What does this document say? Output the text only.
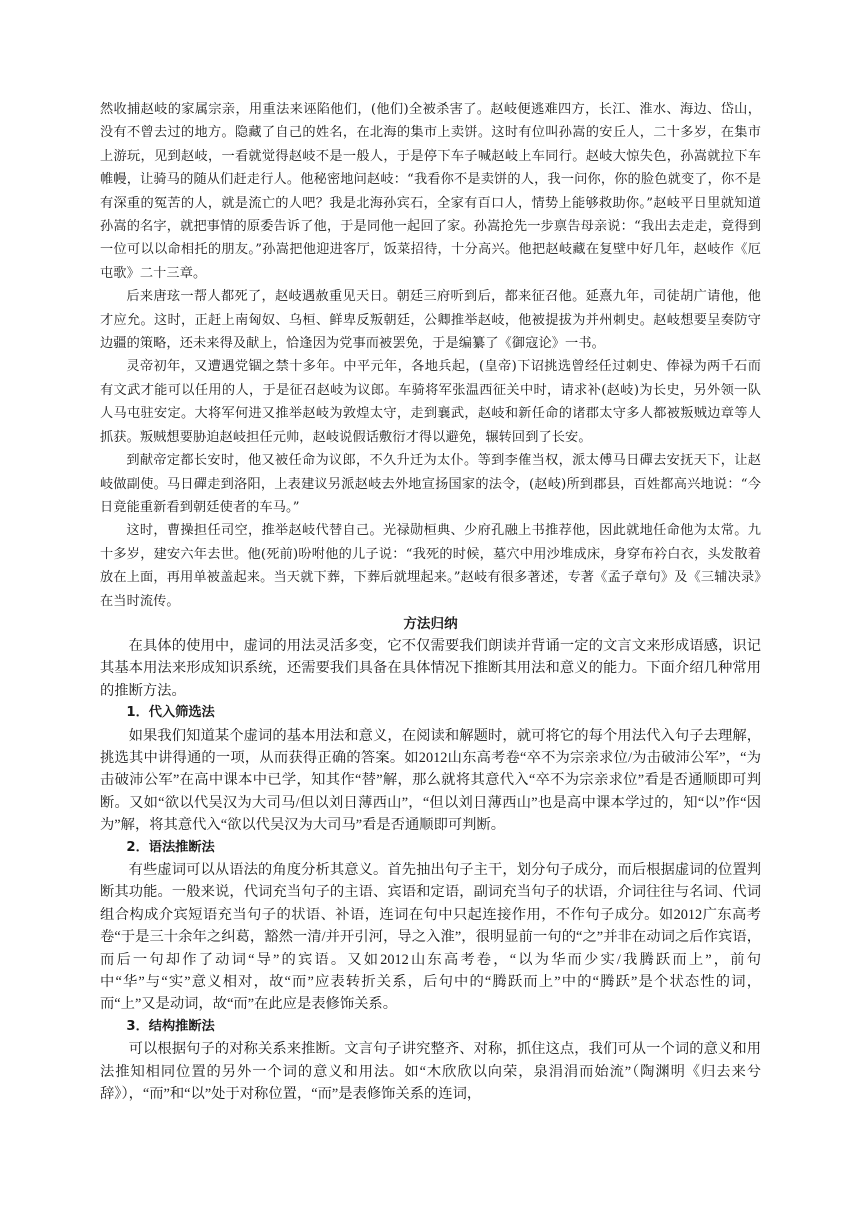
然收捕赵岐的家属宗亲，用重法来诬陷他们，(他们)全被杀害了。赵岐便逃难四方，长江、淮水、海边、岱山，没有不曾去过的地方。隐藏了自己的姓名，在北海的集市上卖饼。这时有位叫孙嵩的安丘人，二十多岁，在集市上游玩，见到赵岐，一看就觉得赵岐不是一般人，于是停下车子喊赵岐上车同行。赵岐大惊失色，孙嵩就拉下车帷幔，让骑马的随从们赶走行人。他秘密地问赵岐：“我看你不是卖饼的人，我一问你，你的脸色就变了，你不是有深重的冤苦的人，就是流亡的人吧？我是北海孙宾石，全家有百口人，情势上能够救助你。”赵岐平日里就知道孙嵩的名字，就把事情的原委告诉了他，于是同他一起回了家。孙嵩抢先一步禀告母亲说：“我出去走走，竟得到一位可以以命相托的朋友。”孙嵩把他迎进客厅，饭菜招待，十分高兴。他把赵岐藏在复壁中好几年，赵岐作《厄屯歌》二十三章。

后来唐玹一帮人都死了，赵岐遇赦重见天日。朝廷三府听到后，都来征召他。延熹九年，司徒胡广请他，他才应允。这时，正赶上南匈奴、乌桓、鲜卑反叛朝廷，公卿推举赵岐，他被提拔为并州刺史。赵岐想要呈奏防守边疆的策略，还未来得及献上，恰逢因为党事而被罢免，于是编纂了《御寇论》一书。

灵帝初年，又遭遇党锢之禁十多年。中平元年，各地兵起，(皇帝)下诏挑选曾经任过刺史、俸禄为两千石而有文武才能可以任用的人，于是征召赵岐为议郎。车骑将军张温西征关中时，请求补(赵岐)为长史，另外领一队人马屯驻安定。大将军何进又推举赵岐为敦煌太守，走到襄武，赵岐和新任命的诸郡太守多人都被叛贼边章等人抓获。叛贼想要胁迫赵岐担任元帅，赵岐说假话敷衍才得以避免，辗转回到了长安。

到献帝定都长安时，他又被任命为议郎，不久升迁为太仆。等到李傕当权，派太傅马日磾去安抚天下，让赵岐做副使。马日磾走到洛阳，上表建议另派赵岐去外地宣扬国家的法令，(赵岐)所到郡县，百姓都高兴地说：“今日竟能重新看到朝廷使者的车马。”

这时，曹操担任司空，推举赵岐代替自己。光禄勋桓典、少府孔融上书推荐他，因此就地任命他为太常。九十多岁，建安六年去世。他(死前)吩咐他的儿子说：“我死的时候，墓穴中用沙堆成床，身穿布衿白衣，头发散着放在上面，再用单被盖起来。当天就下葬，下葬后就埋起来。”赵岐有很多著述，专著《孟子章句》及《三辅决录》在当时流传。

方法归纳

在具体的使用中，虚词的用法灵活多变，它不仅需要我们朗读并背诵一定的文言文来形成语感，识记其基本用法来形成知识系统，还需要我们具备在具体情况下推断其用法和意义的能力。下面介绍几种常用的推断方法。

1．代入筛选法

如果我们知道某个虚词的基本用法和意义，在阅读和解题时，就可将它的每个用法代入句子去理解，挑选其中讲得通的一项，从而获得正确的答案。如2012山东高考卷“卒不为宗亲求位/为击破沛公军”，“为击破沛公军”在高中课本中已学，知其作“替”解，那么就将其意代入“卒不为宗亲求位”看是否通顺即可判断。又如“欲以代吴汉为大司马/但以刘日薄西山”，“但以刘日薄西山”也是高中课本学过的，知“以”作“因为”解，将其意代入“欲以代吴汉为大司马”看是否通顺即可判断。

2．语法推断法

有些虚词可以从语法的角度分析其意义。首先抽出句子主干，划分句子成分，而后根据虚词的位置判断其功能。一般来说，代词充当句子的主语、宾语和定语，副词充当句子的状语，介词往往与名词、代词组合构成介宾短语充当句子的状语、补语，连词在句中只起连接作用，不作句子成分。如2012广东高考卷“于是三十余年之纠葛，豁然一清/并开引河，导之入淮”，很明显前一句的“之”并非在动词之后作宾语，而后一句却作了动词“导”的宾语。又如2012山东高考卷，“以为华而少实/我腾跃而上”，前句中“华”与“实”意义相对，故“而”应表转折关系，后句中的“腾跃而上”中的“腾跃”是个状态性的词，而“上”又是动词，故“而”在此应是表修饰关系。

3．结构推断法

可以根据句子的对称关系来推断。文言句子讲究整齐、对称，抓住这点，我们可从一个词的意义和用法推知相同位置的另外一个词的意义和用法。如“木欣欣以向荣，泉涓涓而始流”（陶渊明《归去来兮辞》），“而”和“以”处于对称位置，“而”是表修饰关系的连词，
